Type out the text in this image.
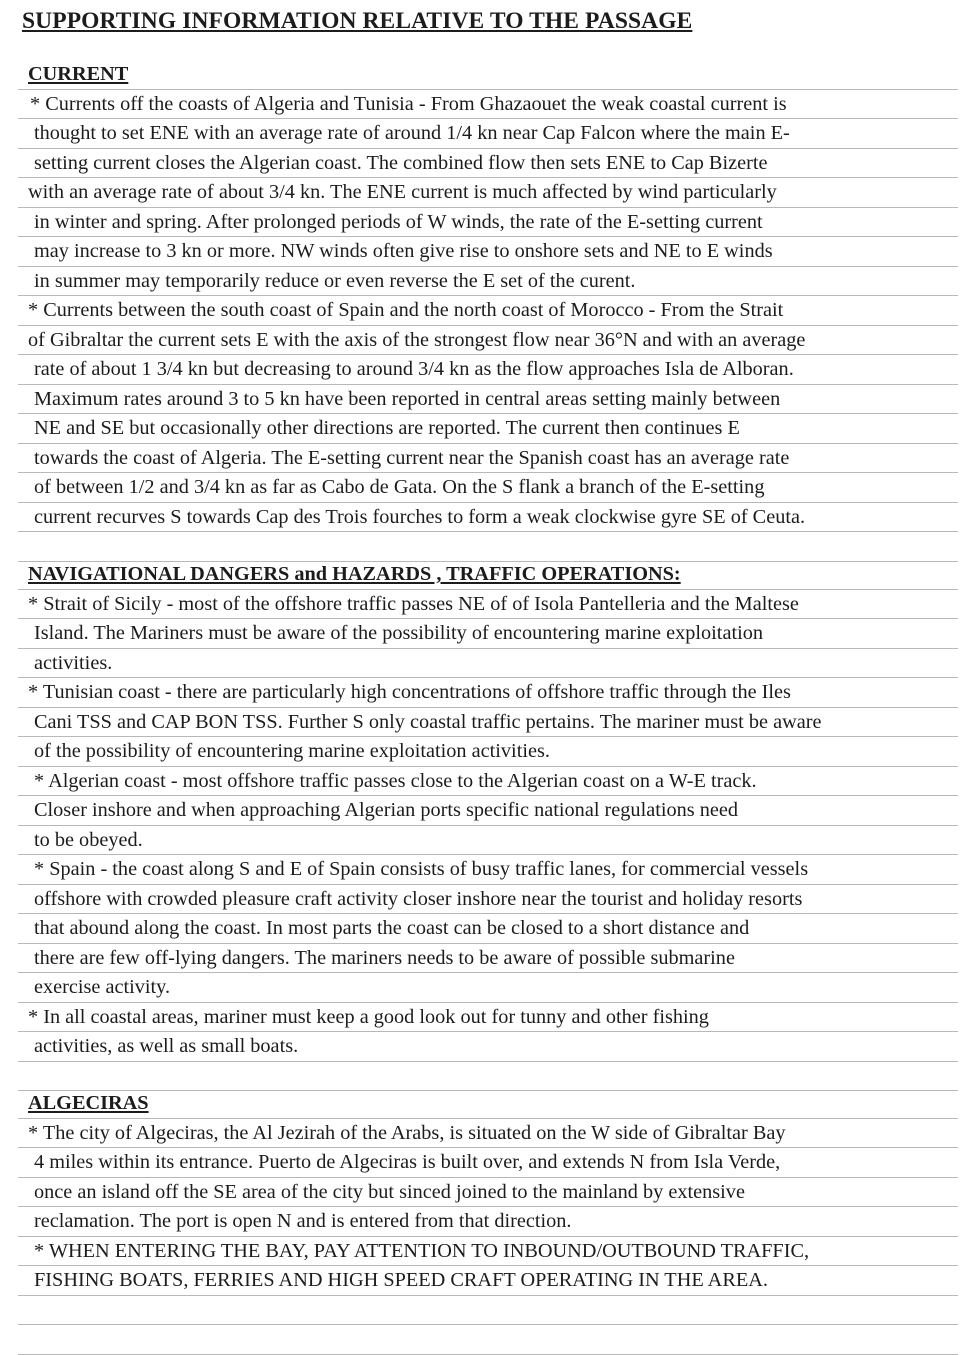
SUPPORTING INFORMATION RELATIVE TO THE PASSAGE
CURRENT
* Currents off the coasts of Algeria and Tunisia - From Ghazaouet the weak coastal current is
thought to set ENE with an average rate of around 1/4 kn near Cap Falcon where the main E-
setting current closes the Algerian coast. The combined flow then sets ENE to Cap Bizerte
with an average rate of about 3/4 kn. The ENE current is much affected by wind particularly
in winter and spring. After prolonged periods of W winds, the rate of the E-setting current
may increase to 3 kn or more. NW winds often give rise to onshore sets and NE to E winds
in summer may temporarily reduce or even reverse the E set of the curent.
* Currents between the south coast of Spain and the north coast of Morocco - From the Strait
of Gibraltar the current sets E with the axis of the strongest flow near 36°N and with an average
rate of about 1 3/4 kn but decreasing to around 3/4 kn as the flow approaches Isla de Alboran.
Maximum rates around 3 to 5 kn have been reported in central areas setting mainly between
NE and SE but occasionally other directions are reported. The current then continues E
towards the coast of Algeria. The E-setting current near the Spanish coast has an average rate
of between 1/2 and 3/4 kn as far as Cabo de Gata. On the S flank a branch of the E-setting
current recurves S towards Cap des Trois fourches to form a weak clockwise gyre SE of Ceuta.
NAVIGATIONAL DANGERS and HAZARDS , TRAFFIC OPERATIONS:
* Strait of Sicily - most of the offshore traffic passes NE of of Isola Pantelleria and the Maltese
Island. The Mariners must be aware of the possibility of encountering marine exploitation
activities.
* Tunisian coast - there are particularly high concentrations of offshore traffic through the Iles
Cani TSS and CAP BON TSS. Further S only coastal traffic pertains. The mariner must be aware
of the possibility of encountering marine exploitation activities.
* Algerian coast - most offshore traffic passes close to the Algerian coast on a W-E track.
Closer inshore and when approaching Algerian ports specific national regulations need
to be obeyed.
* Spain - the coast along S and E of Spain consists of busy traffic lanes, for commercial vessels
offshore with crowded pleasure craft activity closer inshore near the tourist and holiday resorts
that abound along the coast. In most parts the coast can be closed to a short distance and
there are few off-lying dangers. The mariners needs to be aware of possible submarine
exercise activity.
* In all coastal areas, mariner must keep a good look out for tunny and other fishing
activities, as well as small boats.
ALGECIRAS
* The city of Algeciras, the Al Jezirah of the Arabs, is situated on the W side of Gibraltar Bay
4 miles within its entrance. Puerto de Algeciras is built over, and extends N from Isla Verde,
once an island off the SE area of the city but sinced joined to the mainland by extensive
reclamation. The port is open N and is entered from that direction.
* WHEN ENTERING THE BAY, PAY ATTENTION TO INBOUND/OUTBOUND TRAFFIC,
FISHING BOATS, FERRIES AND HIGH SPEED CRAFT OPERATING IN THE AREA.
